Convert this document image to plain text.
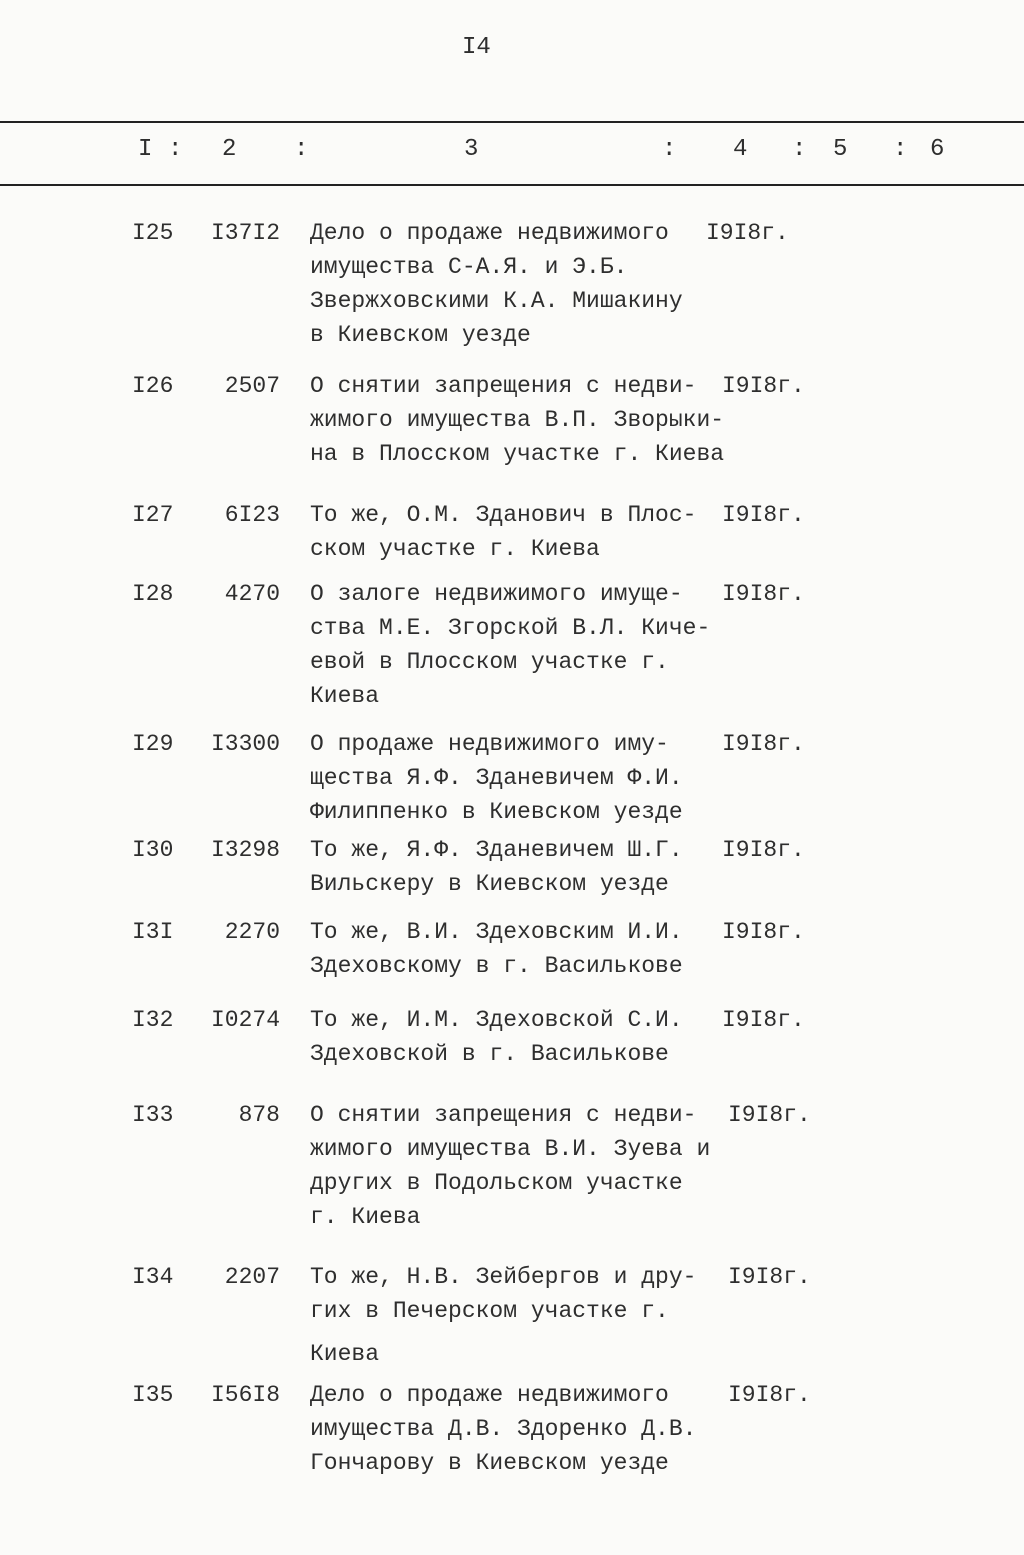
I4
I : 2 :	3	: 4 : 5 : 6
I25	I37I2 Дело о продаже недвижимого
имущества С-А.Я. и Э.Б.
Звержховскими К.А. Мишакину
в Киевском уезде
I9I8г.
I26	2507 О снятии запрещения с недви-
жимого имущества В.П. Зворыки-
на в Плосском участке г. Киева
I9I8г.
I27	6I23 То же, О.М. Зданович в Плос-
ском участке г. Киева
I9I8г.
I28	4270 О залоге недвижимого имуще-
ства М.Е. Згорской В.Л. Киче-
евой в Плосском участке г.
Киева
I9I8г.
I29	I3300 О продаже недвижимого иму-
щества Я.Ф. Зданевичем Ф.И.
Филиппенко в Киевском уезде
I9I8г.
I30	I3298 То же, Я.Ф. Зданевичем Ш.Г.
Вильскеру в Киевском уезде
I9I8г.
I3I	2270 То же, В.И. Здеховским И.И.
Здеховскому в г. Василькове
I9I8г.
I32	I0274 То же, И.М. Здеховской С.И.
Здеховской в г. Василькове
I9I8г.
I33	878 О снятии запрещения с недви-
жимого имущества В.И. Зуева и
других в Подольском участке
г. Киева
I9I8г.
I34	2207 То же, Н.В. Зейбергов и дру-
гих в Печерском участке г.

Киева
I9I8г.
I35	I56I8 Дело о продаже недвижимого
имущества Д.В. Здоренко Д.В.
Гончарову в Киевском уезде
I9I8г.
